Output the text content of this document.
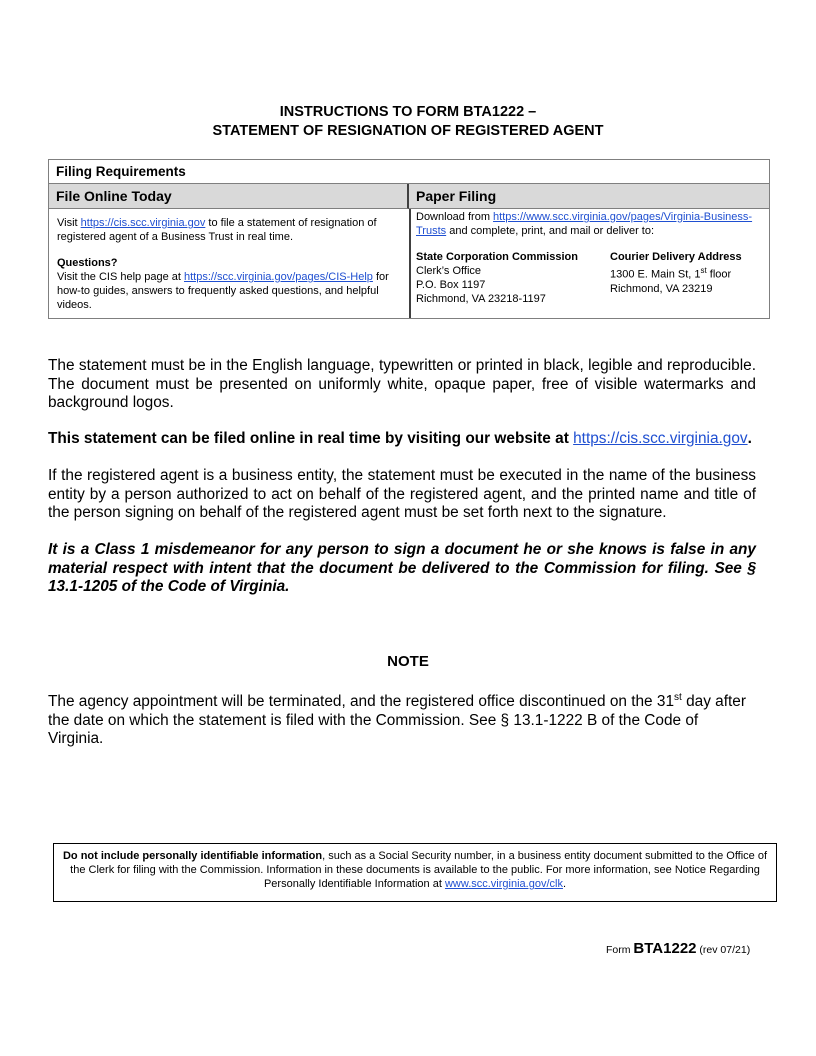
INSTRUCTIONS TO FORM BTA1222 –
STATEMENT OF RESIGNATION OF REGISTERED AGENT
Filing Requirements
File Online Today	Paper Filing
Visit https://cis.scc.virginia.gov to file a statement of resignation of registered agent of a Business Trust in real time.
Questions?
Visit the CIS help page at https://scc.virginia.gov/pages/CIS-Help for how-to guides, answers to frequently asked questions, and helpful videos.
Download from https://www.scc.virginia.gov/pages/Virginia-Business-Trusts and complete, print, and mail or deliver to:
State Corporation Commission
Clerk’s Office
P.O. Box 1197
Richmond, VA 23218-1197
Courier Delivery Address
1300 E. Main St, 1st floor
Richmond, VA 23219
The statement must be in the English language, typewritten or printed in black, legible and reproducible. The document must be presented on uniformly white, opaque paper, free of visible watermarks and background logos.
This statement can be filed online in real time by visiting our website at https://cis.scc.virginia.gov.
If the registered agent is a business entity, the statement must be executed in the name of the business entity by a person authorized to act on behalf of the registered agent, and the printed name and title of the person signing on behalf of the registered agent must be set forth next to the signature.
It is a Class 1 misdemeanor for any person to sign a document he or she knows is false in any material respect with intent that the document be delivered to the Commission for filing. See § 13.1-1205 of the Code of Virginia.
NOTE
The agency appointment will be terminated, and the registered office discontinued on the 31st day after the date on which the statement is filed with the Commission. See § 13.1-1222 B of the Code of Virginia.
Do not include personally identifiable information, such as a Social Security number, in a business entity document submitted to the Office of the Clerk for filing with the Commission. Information in these documents is available to the public. For more information, see Notice Regarding Personally Identifiable Information at www.scc.virginia.gov/clk.
Form BTA1222 (rev 07/21)
